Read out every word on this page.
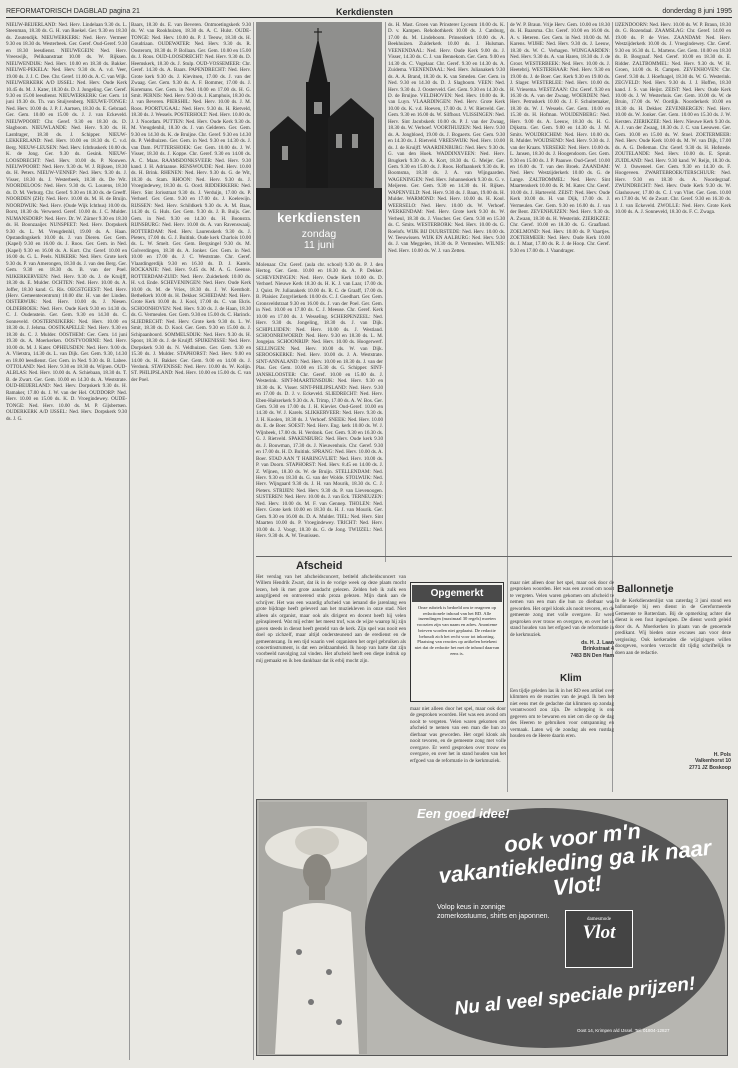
REFORMATORISCH DAGBLAD pagina 21	Kerkdiensten	donderdag 8 juni 1995

NIEUW-BEIJERLAND: Ned. Herv. Lindelaan 9.30 ds. L. Steenman, 18.30 ds. G. H. van Roekel. Ger. 9.30 en 18.30 ds. Zoutendijk. NIEUWERKERK: Ned. Herv. Vermeer 9.30 en 18.30 ds. Westerbeek. Ger. Geref. Oud-Geref. 9.30 en 18.30 leesdienst. NIEUWEGEIN: Ned. Herv. Vreeswijk, Pelikaanstraat 10.00 ds. W. Rijksen. NIEUWENDIJK: Ned. Herv. 10.00 en 18.30 ds. Bakker. NIEUWE-PEKELA: Ned. Herv. 9.30 ds. A. v.d. Veer, 19.00 ds. J. J. C. Dee. Chr. Geref. 11.00 ds. A. C. van Wijk. NIEUWERKERK A/D IJSSEL: Ned. Herv. Oude Kerk 10.45 ds. M. J. Kater, 18.30 ds. D. J. Jongeling. Ger. Geref. 9.30 en 15.00 leesdienst. NIEUWERKERK: Ger. Gem. 14 juni 19.30 ds. Th. van Stuijvenberg. NIEUWE-TONGE: Ned. Herv. 10.00 ds. J. P. J. Aartsen, 18.30 ds. E. Gebraad. Ger. Gem. 10.00 en 15.00 ds. J. J. van Eckeveld. NIEUWPOORT: Chr. Geref. 9.30 en 18.30 ds. D. Slagboom. NIEUWLANDE: Ned. Herv. 9.30 ds. H. Lastdrager, 18.30 ds. J. Schipper. NIEUW-LEKKERLAND: Ned. Herv. 10.00 en 18.30 ds. C. v.d. Berg. NIEUW-LEUSEN: Ned. Herv. Ichthuskerk 10.00 ds. K. de Jong. Ger. 9.30 ds. Gesink. NIEUW-LOOSDRECHT: Ned. Herv. 10.00 ds. P. Nouwen. NIEUWPOORT: Ned. Herv. 9.30 ds. W. J. Rijksen, 18.30 ds. H. Peters. NIEUW-VENNEP: Ned. Herv. 9.30 ds. J. Visser, 18.30 ds. J. Westerbeek, 18.30 ds. De Wit. NOORDELOOS: Ned. Herv. 9.30 ds. G. Lourens, 18.30 ds. D. M. Verburg. Chr. Geref. 9.30 en 18.30 ds. de Greeff. NOORDEN (ZH): Ned. Herv. 10.00 ds. M. H. de Bruijn. NOORDWIJK: Ned. Herv. (Oude Wijk Ichthus) 10.00 ds. Borst, 18.30 ds. Verwoerd. Geref. 10.00 ds. J. C. Mulder. NUMANSDORP: Ned. Herv. Dr. W. Zürner 9.30 en 18.30 ds. H. Boonzaaijer. NUNSPEET: Ned. Herv. Dorpskerk 9.30 ds. L. M. Vreugdenhil, 19.00 ds. A. Haan. Opstandingskerk 10.00 ds. J. van Dieren. Ger. Gem. (Kapel) 9.30 en 16.00 ds. J. Roos. Ger. Gem. in Ned. (Kapel) 9.30 en 16.00 ds. A. Kort. Chr. Geref. 10.00 en 16.00 ds. G. L. Peels. NIJKERK: Ned. Herv. Grote kerk 9.30 ds. P. van Amerongen, 18.30 ds. J. van den Berg. Ger. Gem. 9.30 en 18.30 ds. B. van der Poel. NIJKERKERVEEN: Ned. Herv. 9.30 ds. J. de Kruijff, 18.30 ds. E. Mulder. OCHTEN: Ned. Herv. 10.00 ds. A. Joffer, 18.30 kand. G. Ris. OEGSTGEEST: Ned. Herv. (Herv. Gemeentecentrum) 10.00 dhr. H. van der Linden. OISTERWIJK: Ned. Herv. 10.00 ds. J. Niesen. OLDEBROEK: Ned. Herv. Oude Kerk 9.30 en 14.30 ds. C. J. Oudenstein. Ger. Gem. 9.30 en 14.30 ds. C. Sonneveld. OOSTERNIJKERK: Ned. Herv. 10.00 en 18.30 ds. J. Jelsma. OOSTKAPELLE: Ned. Herv. 9.30 en 18.30 ds. C. J. Mulder. OOSTHEM: Ger. Gem. 14 juni 19.30 ds. A. Moerkerken. OOSTVOORNE: Ned. Herv. 10.00 ds. M. J. Kater. OPHEUSDEN: Ned. Herv. 9.00 ds. A. Vlietstra, 14.30 ds. L. van Dijk. Ger. Gem. 9.30, 14.30 en 18.00 leesdienst. Ger. Gem. in Ned. 9.30 ds. B. Labee. OTTOLAND: Ned. Herv. 9.30 en 18.30 ds. Wijnen. OUD-ALBLAS: Ned. Herv. 10.00 ds. A. Schiebaan, 18.30 ds. T. B. de Zwart. Ger. Gem. 10.00 en 14.30 ds. A. Weststrate. OUD-BEIJERLAND: Ned. Herv. Dorpskerk 9.30 ds. H. Ramaker, 17.00 ds. J. W. van der Hel. OUDDORP: Ned. Herv. 10.00 en 15.00 ds. K. D. Vroegindewey. OUDE-TONGE: Ned. Herv. 10.00 ds. M. P. Gijsbertsen. OUDERKERK A/D IJSSEL: Ned. Herv. Dorpskerk 9.30 ds. J. G.

Baars, 18.30 ds. E. van Beveren. Ontmoetingskerk 9.30 ds. W. van Rookhuizen, 18.30 ds. A. C. Hulst. OUDE-TONGE: Ned. Herv. 10.00 ds. P. J. Teeuw, 18.30 ds. H. Goudriaan. OUDEWATER: Ned. Herv. 9.30 ds. R. Oosterom, 18.30 ds. P. Bollaan. Ger. Gem. 10.00 en 15.00 ds. J. Roos. OUD-LOOSDRECHT: Ned. Herv. 9.30 ds. D. Heemskerk, 18.30 ds. J. Stulp. OUD-VOSSEMEER: Chr. Geref. 14.30 ds. A. Baars. PAPENDRECHT: Ned. Herv. Grote kerk 9.30 ds. J. Kievitsen, 17.00 ds. J. van der Zwaag. Ger. Gem. 9.30 ds. A. F. Bommer, 17.00 ds. J. Koremans. Ger. Gem. in Ned. 10.00 en 17.00 ds. H. G. Smit. PERNIS: Ned. Herv. 9.30 ds. J. Kamphuis, 18.30 ds. J. van Beveren. PIERSHIL: Ned. Herv. 10.00 ds. J. M. Roos. POORTUGAAL: Ned. Herv. 9.30 ds. H. Rietveld, 18.30 ds. J. Wessels. POSTERHOLT: Ned. Herv. 10.00 ds. J. J. Noordam. PUTTEN: Ned. Herv. Oude Kerk 9.30 ds. M. Vreugdenhil, 18.30 ds. J. van Gelderen. Ger. Gem. 9.30 en 14.30 ds. K. de Bruijne. Chr. Geref. 9.30 en 14.30 ds. P. Veldhuizen. Ger. Gem. in Ned. 9.30 en 14.30 ds. J. van Dam. PUTTERSHOEK: Ger. Gem. 10.00 ds. J. W. Visser, 18.30 ds. J. Koppe. Chr. Geref. 9.30 en 14.00 ds. A. C. Maas. RAAMSDONKSVEER: Ned. Herv. 9.30 kand. J. H. Adriaanse. RENSWOUDE: Ned. Herv. 10.00 ds. H. Brink. RHENEN: Ned. Herv. 9.30 ds. G. de Wit, 18.30 ds. Stam. RHOON: Ned. Herv. 9.30 ds. J. Vroegindewey, 18.30 ds. G. Oord. RIDDERKERK: Ned. Herv. Sint Jorisstraat 9.30 ds. J. Verduijn, 17.00 ds. P. Verhoef. Ger. Gem. 9.30 en 17.00 ds. J. Koelewijn. RIJSSEN: Ned. Herv. Schildkerk 9.30 ds. A. M. Baas, 14.30 ds. G. Huls. Ger. Gem. 9.30 ds. J. B. Buijs. Ger. Gem. in Ned. 9.30 en 14.30 ds. H. Boonstra. RIJNSBURG: Ned. Herv. 10.00 ds. A. van Ravenswaaij. ROTTERDAM: Ned. Herv. Laurenskerk 9.30 ds. J. Pieters, 17.00 ds. G. J. Buitink. Oude kerk Charlois 10.00 ds. L. W. Smelt. Ger. Gem. Bergsingel 9.30 ds. M. Golverdingen, 18.30 ds. A. Jonker. Ger. Gem. in Ned. 10.00 en 17.00 ds. J. C. Weststrate. Chr. Geref. Vlaardingerdijk 9.30 en 16.30 ds. D. J. Karels. ROCKANJE: Ned. Herv. 9.45 ds. M. A. G. Geense. ROTTERDAM-ZUID: Ned. Herv. Zuiderkerk 10.00 ds. H. v.d. Ende. SCHEVENINGEN: Ned. Herv. Oude Kerk 10.00 ds. M. de Vries, 18.30 ds. J. W. Kerstholt. Bethelkerk 10.00 ds. H. Dekker. SCHIEDAM: Ned. Herv. Grote Kerk 10.00 ds. J. Kool, 17.00 ds. C. van Ekris. SCHOONHOVEN: Ned. Herv. 9.30 ds. J. de Haan, 18.30 ds. G. Vermeulen. Ger. Gem. 9.30 en 15.00 ds. C. Harinck. SLIEDRECHT: Ned. Herv. Grote kerk 9.30 ds. L. W. Smit, 18.30 ds. D. Kool. Ger. Gem. 9.30 en 15.00 ds. J. Schipaanboord. SOMMELSDIJK: Ned. Herv. 9.30 ds. H. Spoor, 18.30 ds. J. de Kruijff. SPIJKENISSE: Ned. Herv. Dorpskerk 9.30 ds. N. Veldhuizen. Ger. Gem. 9.30 en 15.30 ds. J. Mulder. STAPHORST: Ned. Herv. 9.00 en 14.00 ds. H. Bakker. Ger. Gem. 9.00 en 14.00 ds. J. Verdonk. STAVENISSE: Ned. Herv. 10.00 ds. W. Kolijn. ST. PHILIPSLAND: Ned. Herv. 10.00 en 15.00 ds. C. van der Poel.

kerkdiensten
zondag
11 juni

Molenaar. Chr. Geref. (aula chr. school) 9.30 ds. P. J. den Hertog. Ger. Gem. 10.00 en 18.30 ds. A. P. Dekker. SCHEVENINGEN: Ned. Herv. Oude Kerk 10.00 ds. D. Verhoef. Nieuwe Kerk 18.30 ds. H. K. J. van Laar, 17.00 ds. J. Quist. Pr. Julianakerk 10.00 ds. R. C. de Graaff, 17.00 ds. B. Plaisier. Zorgvlietkerk 10.00 ds. C. J. Goedhart. Ger. Gem. Gronsveldstraat 9.30 en 16.00 ds. J. van der Poel. Ger. Gem. in Ned. 10.00 en 17.00 ds. C. J. Meeuse. Chr. Geref. Kerk 10.00 en 17.00 ds. J. Wesseling. SCHERPENZEEL: Ned. Herv. 9.30 ds. Jongeling, 18.30 ds. J. van Dijk. SCHIPLUIDEN: Ned. Herv. 10.00 ds. J. Westland. SCHOONREWOERD: Ned. Herv. 9.30 en 18.30 ds. L. M. Jongejan. SCHOONRIJP: Ned. Herv. 10.00 ds. Hoogerwerf. SELLINGEN: Ned. Herv. 10.00 ds. W. van Dijk. SEROOSKERKE: Ned. Herv. 10.00 ds. J. A. Weststrate. SINT-ANNALAND: Ned. Herv. 10.00 en 18.30 ds. J. van der Plas. Ger. Gem. 10.00 en 15.30 ds. G. Schipper. SINT-JANSKLOOSTER: Chr. Geref. 10.00 en 15.00 ds. J. Westerink. SINT-MAARTENSDIJK: Ned. Herv. 9.30 en 18.30 ds. K. Visser. SINT-PHILIPSLAND: Ned. Herv. 9.30 en 17.00 ds. D. J. v. Eckeveld. SLIEDRECHT: Ned. Herv. Eben-Haëzerkerk 9.30 ds. A. Trimp, 17.00 ds. A. W. Bos. Ger. Gem. 9.30 en 17.00 ds. J. H. Kieviet. Oud-Geref. 10.00 en 14.30 ds. W. J. Karels. SLIKKERVEER: Ned. Herv. 9.30 ds. J. H. Koolen, 18.30 ds. J. Verhoef. SNEEK: Ned. Herv. 10.00 ds. E. de Boer. SOEST: Ned. Herv. Eng. kerk 10.00 ds. W. J. Wijnbeek, 17.00 ds. H. Verdonk. Ger. Gem. 9.30 en 16.30 ds. G. J. Rietveld. SPAKENBURG: Ned. Herv. Oude kerk 9.30 ds. J. Bouwman, 17.30 ds. J. Nieuwenhuis. Chr. Geref. 9.30 en 17.00 ds. H. D. Buitink. SPRANG: Ned. Herv. 10.00 ds. A. Boer. STAD AAN 'T HARINGVLIET: Ned. Herv. 10.00 ds. P. van Doorn. STAPHORST: Ned. Herv. 8.45 en 14.00 ds. J. Z. Wijnen, 18.30 ds. W. de Bruijn. STELLENDAM: Ned. Herv. 9.30 en 18.30 ds. G. van der Wolde. STOLWIJK: Ned. Herv. Wijngaard 9.30 ds. J. H. van Mourik, 18.30 ds. C. J. Pieters. STRIJEN: Ned. Herv. 9.30 ds. P. van Lievenoogen. SUSTEREN: Ned. Herv. 10.00 ds. J. van Eck. TERNEUZEN: Ned. Herv. 10.00 ds. M. F. van Gennep. THOLEN: Ned. Herv. Grote kerk 10.00 en 18.30 ds. H. J. van Mourik. Ger. Gem. 9.30 en 16.00 ds. D. A. Mulder. TIEL: Ned. Herv. Sint Maarten 10.00 ds. P. Vroegindewey. TRICHT: Ned. Herv. 10.00 ds. J. Voogt, 18.30 ds. G. de Jong. TWIJZEL: Ned. Herv. 9.30 ds. A. W. Teunissen.

ds. H. Mast. Groen van Prinsterer Lyceum 10.00 ds. K. D. v. Kampen. Rehobothkerk 10.00 ds. J. Catsburg, 17.00 ds. M. Lindeboom. Prinsenkerk 10.00 ds. A. Beekhuizen. Zuiderkerk 10.00 ds. J. Hulsman. VEENENDAAL: Ned. Herv. Oude Kerk 9.00 ds. J. Visser, 14.30 ds. C. J. van Bennekom. Ger. Gem. 9.00 en 14.30 ds. C. Vogelaar. Chr. Geref. 9.30 en 14.30 ds. A. Zuidema. VEENENDAAL: Ned. Herv. Julianakerk 9.30 ds. A. A. Brand, 18.30 ds. K. van Smeden. Ger. Gem. in Ned. 9.30 en 14.30 ds. D. J. Slagboom. VEEN: Ned. Herv. 9.30 ds. J. Oosterveld. Ger. Gem. 9.30 en 14.30 ds. D. de Bruijne. VELDHOVEN: Ned. Herv. 10.00 ds. R. van Luyn. VLAARDINGEN: Ned. Herv. Grote Kerk 10.00 ds. K. v.d. Hoeven, 17.00 ds. J. W. Rietveld. Ger. Gem. 9.30 en 16.00 ds. W. Silfhout. VLISSINGEN: Ned. Herv. Sint Jacobskerk 10.00 ds. P. J. van der Zwaag, 18.30 ds. W. Verhoef. VOORTHUIZEN: Ned. Herv. 9.30 ds. A. Jongbloed, 19.00 ds. J. Bogaerts. Ger. Gem. 9.30 en 14.30 ds. J. Rietveld. VREESWIJK: Ned. Herv. 10.00 ds. J. de Kruijff. WAARDENBURG: Ned. Herv. 9.30 ds. G. van den Hoek. WADDINXVEEN: Ned. Herv. Brugkerk 9.30 ds. A. Kort, 18.30 ds. G. Meijer. Ger. Gem. 9.30 en 15.00 ds. J. Roos. Hoflaankerk 9.30 ds. R. Boomsma, 18.30 ds. J. A. van Wijngaarden. WAGENINGEN: Ned. Herv. Johanneskerk 9.30 ds. G. v. Meijeren. Ger. Gem. 9.30 en 14.30 ds. H. Rijken. WAPENVELD: Ned. Herv. 9.30 ds. J. Baan, 19.00 ds. H. Mulder. WARMOND: Ned. Herv. 10.00 ds. H. Kool. WEERSELO: Ned. Herv. 10.00 ds. W. Verhoef. WERKENDAM: Ned. Herv. Grote kerk 9.30 ds. W. Verheul, 18.30 ds. J. Visscher. Ger. Gem. 9.30 en 15.30 ds. C. Smits. WESTERBORK: Ned. Herv. 10.00 ds. G. Roelofs. WIJK BIJ DUURSTEDE: Ned. Herv. 10.00 ds. W. Teeuwissen. WIJK EN AALBURG: Ned. Herv. 9.30 ds. J. van Meggelen, 18.30 ds. P. Vermeulen. WILNIS: Ned. Herv. 10.00 ds. W. J. van Zetten.

de W. P. Braun. Vrije Herv. Gem. 10.00 en 18.30 ds. H. Baarsma. Chr. Geref. 10.00 en 16.00 ds. A. v. Heteren. Ger. Gem. in Ned. 10.00 ds. M. Karens. WIJHE: Ned. Herv. 9.30 ds. J. Leeuw, 18.30 ds. W. C. Verhagen. WIJNGAARDEN: Ned. Herv. 9.30 ds. A. van Haren, 18.30 ds. J. de Groot. WESTERBEEK: Ned. Herv. 10.00 ds. J. Heetebrij. WESTERHAAR: Ned. Herv. 9.30 en 19.00 ds. J. de Boer. Ger. Kerk 9.30 en 19.00 ds. J. Slager. WESTERLEE: Ned. Herv. 10.00 ds. H. Vriesema. WESTZAAN: Chr. Geref. 9.30 en 16.30 ds. A. van der Zwaag. WOERDEN: Ned. Herv. Petruskerk 10.00 ds. J. F. Schuitemaker, 18.30 ds. W. J. Wessels. Ger. Gem. 10.00 en 15.30 ds. H. Hofman. WOUDENBERG: Ned. Herv. 9.00 ds. A. Leeuw, 18.30 ds. H. G. Dijkstra. Ger. Gem. 9.00 en 14.30 ds. J. M. Smits. WOUDRICHEM: Ned. Herv. 10.00 ds. R. Mulder. WOUDSEND: Ned. Herv. 9.30 ds. J. van der Kraats. YERSEKE: Ned. Herv. 10.00 ds. L. Jansen, 18.30 ds. J. Hoogendoorn. Ger. Gem. 9.30 en 15.00 ds. J. P. Paauwe. Oud-Geref. 10.00 en 16.00 ds. T. van den Broek. ZAANDAM: Ned. Herv. Westzijderkerk 10.00 ds. G. de Lange. ZALTBOMMEL: Ned. Herv. Sint Maartenskerk 10.00 ds. R. M. Kater. Chr. Geref. 10.00 ds. J. Harteveld. ZEIST: Ned. Herv. Oude Kerk 10.00 ds. H. van Dijk, 17.00 ds. J. Vermeulen. Ger. Gem. 9.30 en 16.00 ds. J. van der Bent. ZEVENHUIZEN: Ned. Herv. 9.30 ds. A. Zwaan, 18.30 ds. H. Westerink. ZIERIKZEE: Chr. Geref. 10.00 en 18.30 ds. G. Graafland. ZOELMOND: Ned. Herv. 10.00 ds. P. Vaartjes. ZOETERMEER: Ned. Herv. Oude Kerk 10.00 ds. J. Maat, 17.00 ds. R. J. de Hoop. Chr. Geref. 9.30 en 17.00 ds. J. Vaandrager.

IJZENDOORN: Ned. Herv. 10.00 ds. W. P. Braun, 18.30 ds. G. Rozendaal. ZAAMSLAG: Chr. Geref. 14.00 en 19.00 ds. P. de Vries. ZAANDAM: Ned. Herv. Westzijderkerk 10.00 ds. J. Vroegindewey. Chr. Geref. 9.30 en 16.30 ds. L. Martens. Ger. Gem. 10.00 en 18.30 ds. B. Bosgraaf. Ned. Geref. 10.00 en 18.30 ds. E. Ridder. ZALTBOMMEL: Ned. Herv. 9.30 ds. W. H. Groen, 14.00 ds. R. Campen. ZEVENHOVEN: Chr. Geref. 9.30 ds. J. Hoefnagel, 18.30 ds. W. G. Westerink. ZEGVELD: Ned. Herv. 9.30 ds. J. J. Hoffen, 18.30 kand. J. S. van Heijst. ZEIST: Ned. Herv. Oude Kerk 10.00 ds. J. W. Westerhuis. Ger. Gem. 10.00 ds. W. de Bruin, 17.00 ds. W. Oordijk. Noorderkerk 10.00 en 18.30 ds. H. Dekker. ZEVENBERGEN: Ned. Herv. 10.00 ds. W. Jonker. Ger. Gem. 10.00 en 15.30 ds. J. W. Kersten. ZIERIKZEE: Ned. Herv. Nieuwe Kerk 9.30 ds. A. J. van der Zwaag, 18.30 ds. J. C. van Leeuwen. Ger. Gem. 10.00 en 15.00 ds. W. Stoel. ZOETERMEER: Ned. Herv. Oude Kerk 10.00 ds. M. W. van Dijk, 17.00 ds. A. G. Delleman. Chr. Geref. 9.30 ds. H. Hofstede. ZOUTELANDE: Ned. Herv. 10.00 ds. E. Spruit. ZUIDLAND: Ned. Herv. 9.30 kand. W. Reijn, 18.30 ds. W. J. Ouweneel. Ger. Gem. 9.30 en 14.30 ds. F. Hoogeveen. ZWARTEBROEK/TERSCHUUR: Ned. Herv. 9.30 en 18.30 ds. A. Noordegraaf. ZWIJNDRECHT: Ned. Herv. Oude Kerk 9.30 ds. W. Glashouwer, 17.00 ds. C. J. van Vliet. Ger. Gem. 10.00 en 17.00 ds. W. de Zwart. Chr. Geref. 9.30 en 16.30 ds. J. J. van Eckeveld. ZWOLLE: Ned. Herv. Grote Kerk 10.00 ds. A. J. Sonneveld, 18.30 ds. F. C. Zwaga.

Afscheid
Het verslag van het afscheidsconcert, betiteld afscheidsconcert van Willem Hendrik Zwart, dat ik in de vorige week op deze plaats mocht lezen, heb ik met grote aandacht gelezen. Zelden heb ik zulk een aangrijpend en ontroerend stuk proza gelezen. Mijn dank aan de schrijver. Het was een waardig afscheid van iemand die jarenlang een grote bijdrage heeft geleverd aan het muziekleven in onze stad. Niet alleen als organist, maar ook als dirigent en docent heeft hij velen geïnspireerd. Wat mij echter het meest trof, was de wijze waarop hij zijn gaven steeds in dienst heeft gesteld van de kerk. Zijn spel was nooit een doel op zichzelf, maar altijd ondersteunend aan de eredienst en de gemeentezang. In een tijd waarin veel organisten het orgel gebruiken als concertinstrument, is dat een zeldzaamheid. Ik hoop van harte dat zijn voorbeeld navolging zal vinden. Het afscheid heeft een diepe indruk op mij gemaakt en ik ben dankbaar dat ik erbij mocht zijn.
Opgemerkt
Onze rubriek is bedoeld om te reageren op redactionele inhoud van het RD. Alle inzendingen (maximaal 30 regels) moeten voorzien zijn van naam en adres. Anonieme brieven worden niet geplaatst. De redactie behoudt zich het recht voor tot inkorting. Plaatsing van reacties op artikelen betekent niet dat de redactie het met de inhoud daarvan eens is.
maar niet alleen door het spel, maar ook door de gesproken woorden. Het was een avond om nooit te vergeten. Velen waren gekomen om afscheid te nemen van een man die hun zo dierbaar was geworden. Het orgel klonk als nooit tevoren, en de gemeente zong met volle overgave. Er werd gesproken over trouw en overgave, en over het in stand houden van het erfgoed van de reformatie in de kerkmuziek.
maar niet alleen door het spel, maar ook door de gesproken woorden. Het was een avond om nooit te vergeten. Velen waren gekomen om afscheid te nemen van een man die hun zo dierbaar was geworden. Het orgel klonk als nooit tevoren, en de gemeente zong met volle overgave. Er werd gesproken over trouw en overgave, en over het in stand houden van het erfgoed van de reformatie in de kerkmuziek.
ds. H. J. Laan
Brinkstraat 4
7483 BN Den Ham
Klim
Een tijdje geleden las ik in het RD een artikel over klimmen en de reacties van de jeugd. Ik ben het niet eens met de gedachte dat klimmen op zondag verantwoord zou zijn. De schepping is ons gegeven om te bewaren en niet om die op de dag des Heeren te gebruiken voor ontspanning en vermaak. Laten wij de zondag als een rustdag houden en de Heere daarin eren.
Ballonnetje
In de Kerkdienstenlijst van zaterdag 3 juni stond een ballonnetje bij een dienst in de Gereformeerde Gemeente te Rotterdam. Bij de opmerking achter die dienst is een fout ingeslopen. De dienst wordt geleid door ds. A. Moerkerken in plaats van de genoemde predikant. Wij bieden onze excuses aan voor deze vergissing. Ook kerkeraden die wijzigingen willen doorgeven, worden verzocht dit tijdig schriftelijk te doen aan de redactie.
H. Pols
Valkenhorst 10
2771 JZ Boskoop
Een goed idee!
ook voor m'n vakantiekleding ga ik naar Vlot!
Volop keus in zonnige zomerkostuums, shirts en japonnen.	damesmode
Vlot
Nu al veel speciale prijzen!
Oost 14, Krimpen a/d IJssel. Tel. 01804-12827
